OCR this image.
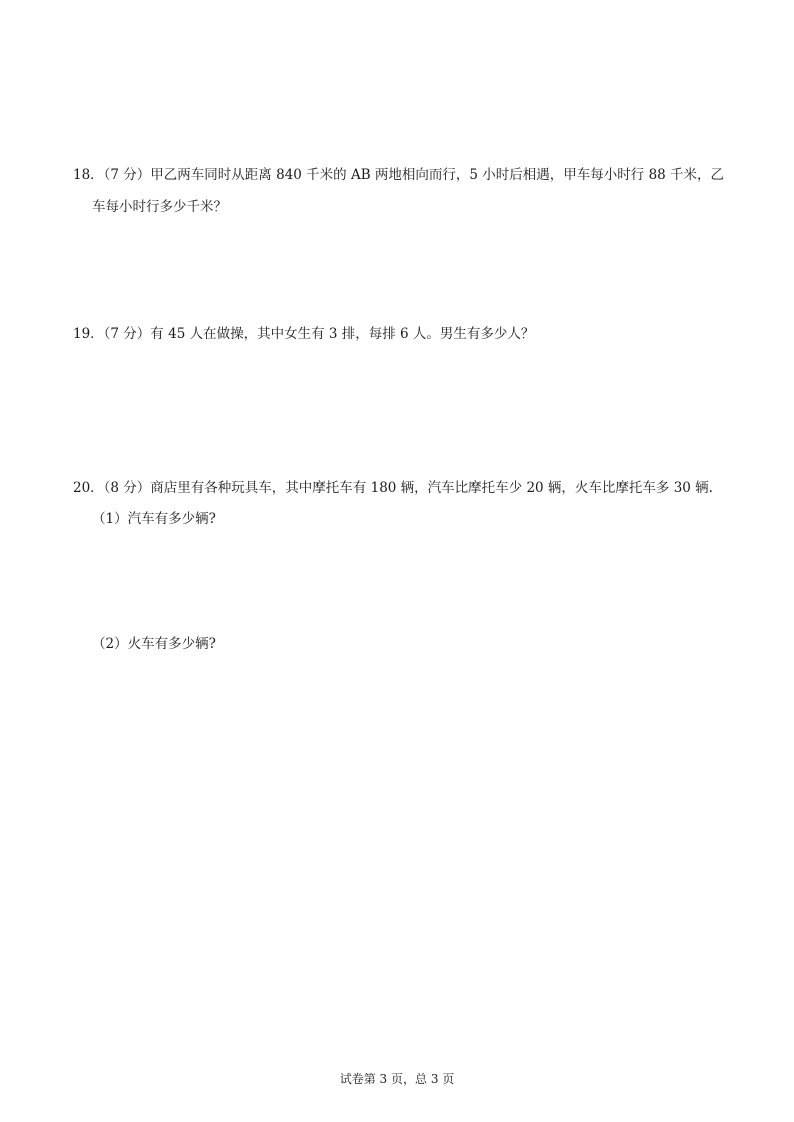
18．（7 分）甲乙两车同时从距离 840 千米的 AB 两地相向而行，5 小时后相遇，甲车每小时行 88 千米，乙
车每小时行多少千米？
19．（7 分）有 45 人在做操，其中女生有 3 排，每排 6 人。男生有多少人？
20．（8 分）商店里有各种玩具车，其中摩托车有 180 辆，汽车比摩托车少 20 辆，火车比摩托车多 30 辆.
（1）汽车有多少辆?
（2）火车有多少辆?
试卷第 3 页，总 3 页
